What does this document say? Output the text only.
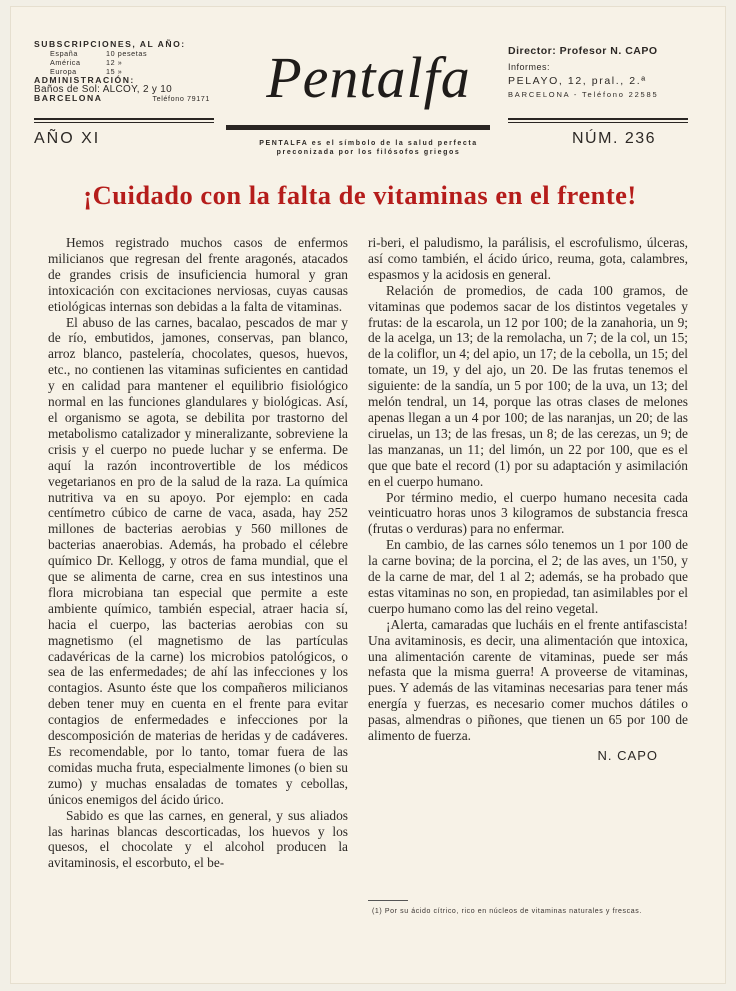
SUBSCRIPCIONES, AL AÑO:
España	10 pesetas
América	12 »
Europa	15 »
ADMINISTRACIÓN:
Baños de Sol: ALCOY, 2 y 10
BARCELONA	Teléfono 79171 Pentalfa	Director: Profesor N. CAPO
Informes:
PELAYO, 12, pral., 2.ª
BARCELONA - Teléfono 22585
AÑO XI	PENTALFA es el símbolo de la salud perfecta
preconizada por los filósofos griegos
NÚM. 236
¡Cuidado con la falta de vitaminas en el frente!

Hemos registrado muchos casos de enfermos milicianos que regresan del frente aragonés, atacados de grandes crisis de insuficiencia humoral y gran intoxicación con excitaciones nerviosas, cuyas causas etiológicas internas son debidas a la falta de vitaminas.

El abuso de las carnes, bacalao, pescados de mar y de río, embutidos, jamones, conservas, pan blanco, arroz blanco, pastelería, chocolates, quesos, huevos, etc., no contienen las vitaminas suficientes en cantidad y en calidad para mantener el equilibrio fisiológico normal en las funciones glandulares y biológicas. Así, el organismo se agota, se debilita por trastorno del metabolismo catalizador y mineralizante, sobreviene la crisis y el cuerpo no puede luchar y se enferma. De aquí la razón incontrovertible de los médicos vegetarianos en pro de la salud de la raza. La química nutritiva va en su apoyo. Por ejemplo: en cada centímetro cúbico de carne de vaca, asada, hay 252 millones de bacterias aerobias y 560 millones de bacterias anaerobias. Además, ha probado el célebre químico Dr. Kellogg, y otros de fama mundial, que el que se alimenta de carne, crea en sus intestinos una flora microbiana tan especial que permite a este ambiente químico, también especial, atraer hacia sí, hacia el cuerpo, las bacterias aerobias con su magnetismo (el magnetismo de las partículas cadavéricas de la carne) los microbios patológicos, o sea de las enfermedades; de ahí las infecciones y los contagios. Asunto éste que los compañeros milicianos deben tener muy en cuenta en el frente para evitar contagios de enfermedades e infecciones por la descomposición de materias de heridas y de cadáveres. Es recomendable, por lo tanto, tomar fuera de las comidas mucha fruta, especialmente limones (o bien su zumo) y muchas ensaladas de tomates y cebollas, únicos enemigos del ácido úrico.

Sabido es que las carnes, en general, y sus aliados las harinas blancas descorticadas, los huevos y los quesos, el chocolate y el alcohol producen la avitaminosis, el escorbuto, el be-

ri-beri, el paludismo, la parálisis, el escrofulismo, úlceras, así como también, el ácido úrico, reuma, gota, calambres, espasmos y la acidosis en general.

Relación de promedios, de cada 100 gramos, de vitaminas que podemos sacar de los distintos vegetales y frutas: de la escarola, un 12 por 100; de la zanahoria, un 9; de la acelga, un 13; de la remolacha, un 7; de la col, un 15; de la coliflor, un 4; del apio, un 17; de la cebolla, un 15; del tomate, un 19, y del ajo, un 20. De las frutas tenemos el siguiente: de la sandía, un 5 por 100; de la uva, un 13; del melón tendral, un 14, porque las otras clases de melones apenas llegan a un 4 por 100; de las naranjas, un 20; de las ciruelas, un 13; de las fresas, un 8; de las cerezas, un 9; de las manzanas, un 11; del limón, un 22 por 100, que es el que que bate el record (1) por su adaptación y asimilación en el cuerpo humano.

Por término medio, el cuerpo humano necesita cada veinticuatro horas unos 3 kilogramos de substancia fresca (frutas o verduras) para no enfermar.

En cambio, de las carnes sólo tenemos un 1 por 100 de la carne bovina; de la porcina, el 2; de las aves, un 1'50, y de la carne de mar, del 1 al 2; además, se ha probado que estas vitaminas no son, en propiedad, tan asimilables por el cuerpo humano como las del reino vegetal.

¡Alerta, camaradas que lucháis en el frente antifascista! Una avitaminosis, es decir, una alimentación que intoxica, una alimentación carente de vitaminas, puede ser más nefasta que la misma guerra! A proveerse de vitaminas, pues. Y además de las vitaminas necesarias para tener más energía y fuerzas, es necesario comer muchos dátiles o pasas, almendras o piñones, que tienen un 65 por 100 de alimento de fuerza.

N. CAPO
(1) Por su ácido cítrico, rico en núcleos de vitaminas naturales y frescas.
